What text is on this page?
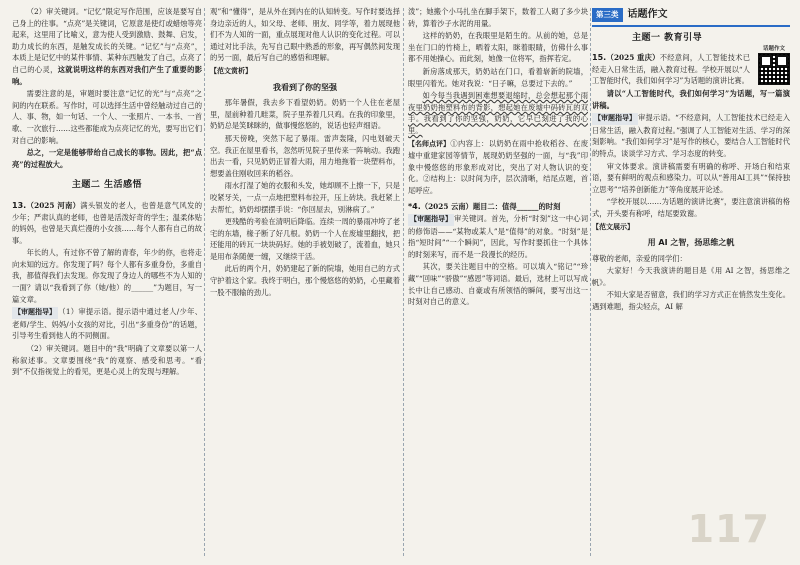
（2）审关键词。“记忆”限定写作范围，应该是要写自己身上的往事。“点亮”是关键词，它原意是使灯或蜡烛等亮起来，这里用了比喻义，意为使人受到激励、鼓舞、启发，助力成长的东西，是触发成长的关键。“记忆”与“点亮”，本质上是记忆中的某件事情、某种东西触发了自己，点亮了自己的心灵，这就说明这样的东西对我们产生了重要的影响。

需要注意的是，审题时要注意“记忆的光”与“点亮”之间的内在联系。写作时，可以选择生活中曾经触动过自己的人、事、物，如一句话、一个人、一张照片、一本书、一首歌、一次旅行……这些都能成为点亮记忆的光，要写出它们对自己的影响。

总之，一定是能够带给自己成长的事物。因此，把“点亮”的过程放大。

主题二 生活感悟

13.（2025 河南）满头银发的老人，也曾是意气风发的少年；严肃认真的老师，也曾是活泼好奇的学生；温柔体贴的妈妈，也曾是天真烂漫的小女孩……每个人都有自己的故事。

年长的人，有过你不曾了解的青春，年少的你，也将走向未知的远方。你发现了吗？每个人都有多重身份，多重自我，都值得我们去发现。你发现了身边人的哪些不为人知的一面？请以“我看到了你（她/他）的______”为题目，写一篇文章。

【审题指导】 （1）审提示语。提示语中通过老人/少年、老师/学生、妈妈/小女孩的对比，引出“多重身份”的话题，引导考生看到他人的不同侧面。

（2）审关键词。题目中的“我”明确了文章要以第一人称叙述事。文章要围绕“我”的观察、感受和思考。“看到”不仅指视觉上的看见，更是心灵上的发现与理解。

观”和“懂得”，是从外在到内在的认知转变。写作时要选择身边亲近的人，如父母、老师、朋友、同学等，着力展现他们不为人知的一面，重点展现对他人认识的变化过程。可以通过对比手法，先写自己眼中熟悉的形象，再写偶然间发现的另一面，最后写自己的感悟和理解。

【范文赏析】

我看到了你的坚强

那年暑假，我去乡下看望奶奶。奶奶一个人住在老屋里，屋前种着几畦菜，院子里养着几只鸡。在我的印象里，奶奶总是笑眯眯的，做事慢悠悠的，说话也轻声细语。

那天傍晚，突然下起了暴雨。雷声轰隆，闪电划破天空。我正在屋里看书，忽然听见院子里传来一阵响动。我跑出去一看，只见奶奶正冒着大雨，用力地拖着一块塑料布，想要盖住刚收回来的稻谷。

雨水打湿了她的衣服和头发，她却顾不上擦一下，只是咬紧牙关，一点一点地把塑料布拉开，压上砖块。我赶紧上去帮忙，奶奶却摆摆手说：“你回屋去，别淋病了。”

更残酷的考验在清明后降临。连续一周的暴雨冲垮了老宅的东墙，椽子断了好几根。奶奶一个人在废墟里翻找，把还能用的砖瓦一块块码好。她的手被划破了，流着血，她只是用布条随便一缠，又继续干活。

此后的两个月，奶奶建起了新的院墙，她用自己的方式守护着这个家。我终于明白，那个慢悠悠的奶奶，心里藏着一股不服输的劲儿。

泼”；她搬个小马扎坐在脚手架下，数着工人砌了多少块砖，算着沙子水泥的用量。

这样的奶奶，在我眼里是陌生的。从前的她，总是坐在门口的竹椅上，晒着太阳，眯着眼睛，仿佛什么事都不用她操心。而此刻，她像一位将军，指挥若定。

新房落成那天，奶奶站在门口，看着崭新的院墙，眼里闪着光。她对我说：“日子嘛，总要过下去的。”

如今每当我遇到困难想要退缩时，总会想起那个雨夜里奶奶拖塑料布的背影，想起她在废墟中码砖瓦的双手。我看到了你的坚强，奶奶，它早已刻进了我的心里。

【名师点评】①内容上：以奶奶在雨中抢收稻谷、在废墟中重建家园等情节，展现奶奶坚强的一面，与“我”印象中慢悠悠的形象形成对比，突出了对人物认识的变化。②结构上：以时间为序，层次清晰，结尾点题，首尾呼应。

*4.（2025 云南）题目二：值得______的时刻

【审题指导】 审关键词。首先，分析“时刻”这一中心词的修饰语——“某物或某人”是“值得”的对象。“时刻”是指“短时间”“一个瞬间”，因此，写作时要抓住一个具体的时刻来写，而不是一段漫长的经历。

其次，要关注题目中的空格。可以填入“铭记”“珍藏”“回味”“骄傲”“感恩”等词语。最后，选材上可以写成长中让自己感动、自豪或有所领悟的瞬间，要写出这一时刻对自己的意义。

第三类 话题作文
主题一 教育引导

15.（2025 重庆）不经意间，人工智能技术已经走入日常生活，融入教育过程。学校开展以“人工智能时代，我们如何学习”为话题的演讲比赛。

请以“人工智能时代，我们如何学习”为话题，写一篇演讲稿。

【审题指导】 审提示语。“不经意间，人工智能技术已经走入日常生活，融入教育过程。”强调了人工智能对生活、学习的深刻影响。“我们如何学习”是写作的核心，要结合人工智能时代的特点，谈谈学习方式、学习态度的转变。

审文体要求。演讲稿需要有明确的称呼、开场白和结束语，要有鲜明的观点和感染力。可以从“善用AI工具”“保持独立思考”“培养创新能力”等角度展开论述。

“学校开展以……为话题的演讲比赛”，要注意演讲稿的格式，开头要有称呼，结尾要致谢。

【范文展示】

用 AI 之智，扬思维之帆

尊敬的老师，亲爱的同学们：

大家好！今天我演讲的题目是《用 AI 之智，扬思维之帆》。

不知大家是否留意，我们的学习方式正在悄然发生变化。遇到难题，指尖轻点，AI 解

话题作文
117
